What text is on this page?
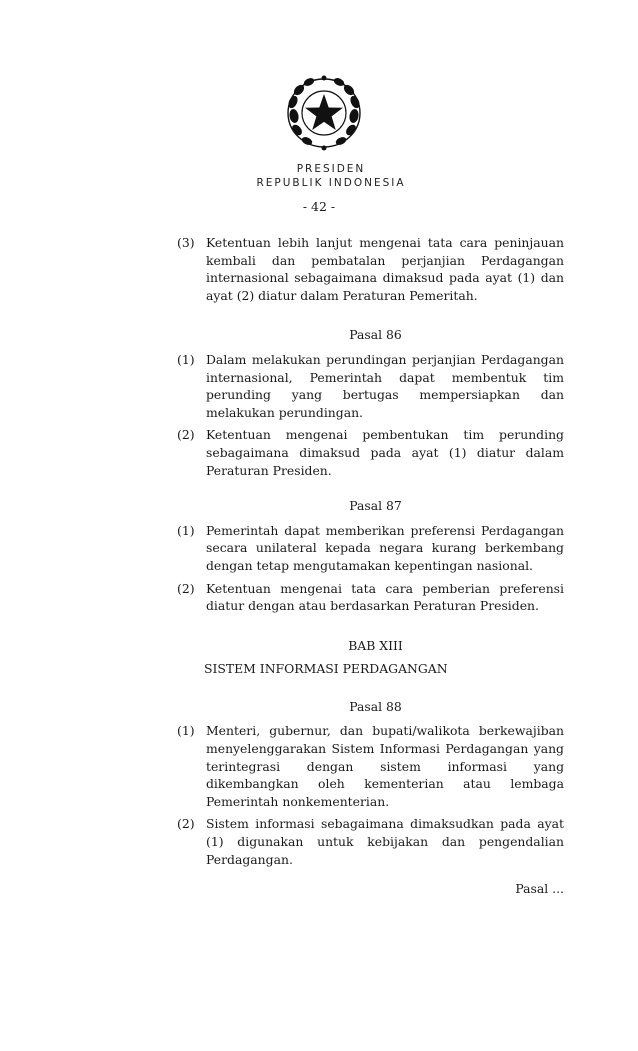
PRESIDEN
REPUBLIK INDONESIA
- 42 -
(3) Ketentuan lebih lanjut mengenai tata cara peninjauan kembali dan pembatalan perjanjian Perdagangan internasional sebagaimana dimaksud pada ayat (1) dan ayat (2) diatur dalam Peraturan Pemeritah.
Pasal 86
(1) Dalam melakukan perundingan perjanjian Perdagangan internasional, Pemerintah dapat membentuk tim perunding yang bertugas mempersiapkan dan melakukan perundingan.
(2) Ketentuan mengenai pembentukan tim perunding sebagaimana dimaksud pada ayat (1) diatur dalam Peraturan Presiden.
Pasal 87
(1) Pemerintah dapat memberikan preferensi Perdagangan secara unilateral kepada negara kurang berkembang dengan tetap mengutamakan kepentingan nasional.
(2) Ketentuan mengenai tata cara pemberian preferensi diatur dengan atau berdasarkan Peraturan Presiden.
BAB XIII
SISTEM INFORMASI PERDAGANGAN
Pasal 88
(1) Menteri, gubernur, dan bupati/walikota berkewajiban menyelenggarakan Sistem Informasi Perdagangan yang terintegrasi dengan sistem informasi yang dikembangkan oleh kementerian atau lembaga Pemerintah nonkementerian.
(2) Sistem informasi sebagaimana dimaksudkan pada ayat (1) digunakan untuk kebijakan dan pengendalian Perdagangan.
Pasal ...
